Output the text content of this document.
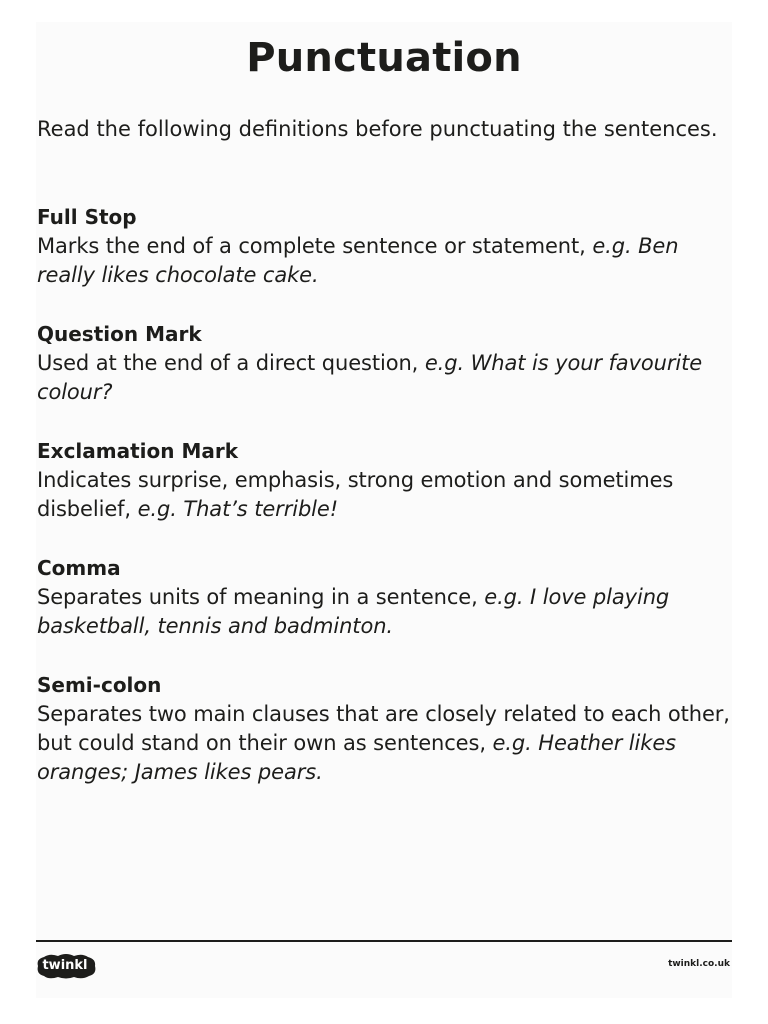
Punctuation

Read the following definitions before punctuating the sentences.

Full Stop

Marks the end of a complete sentence or statement, e.g. Ben really likes chocolate cake.

Question Mark

Used at the end of a direct question, e.g. What is your favourite colour?

Exclamation Mark

Indicates surprise, emphasis, strong emotion and sometimes disbelief, e.g. That’s terrible!

Comma

Separates units of meaning in a sentence, e.g. I love playing basketball, tennis and badminton.

Semi-colon

Separates two main clauses that are closely related to each other, but could stand on their own as sentences, e.g. Heather likes oranges; James likes pears.

twinkl	twinkl.co.uk
